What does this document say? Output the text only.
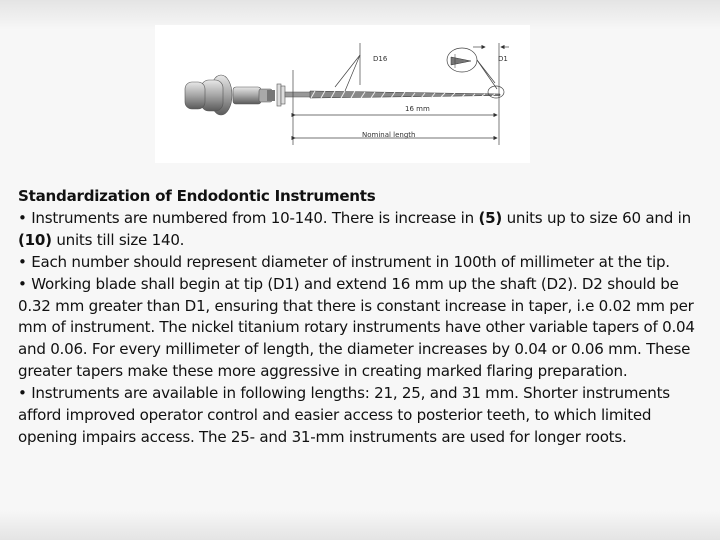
D16	D1
16 mm
Nominal length

Standardization of Endodontic Instruments

• Instruments are numbered from 10-140. There is increase in (5) units up to size 60 and in (10) units till size 140.

• Each number should represent diameter of instrument in 100th of millimeter at the tip.

• Working blade shall begin at tip (D1) and extend 16 mm up the shaft (D2). D2 should be 0.32 mm greater than D1, ensuring that there is constant increase in taper, i.e 0.02 mm per mm of instrument. The nickel titanium rotary instruments have other variable tapers of 0.04 and 0.06. For every millimeter of length, the diameter increases by 0.04 or 0.06 mm. These greater tapers make these more aggressive in creating marked flaring preparation.

• Instruments are available in following lengths: 21, 25, and 31 mm. Shorter instruments afford improved operator control and easier access to posterior teeth, to which limited opening impairs access. The 25- and 31-mm instruments are used for longer roots.
